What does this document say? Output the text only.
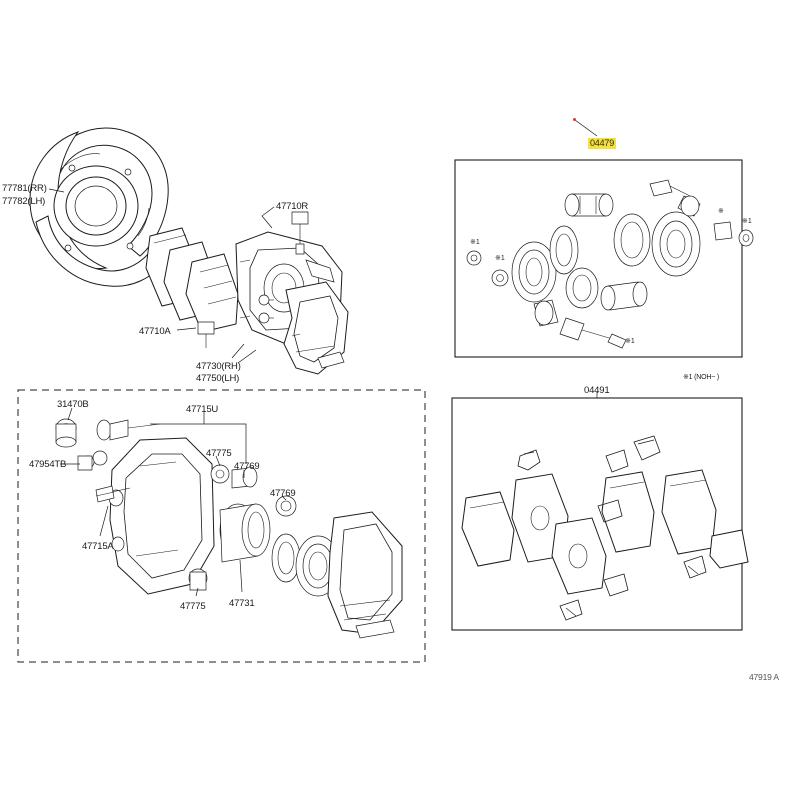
77781(RR)
77782(LH)	47710R
47710A
47730(RH)
47750(LH)
31470B	47715U
47775
47769
47769
47954TB
47715A
47775 47731
04491
※1 (NOH~ )
04479
※1
※1
※
※1
※1
47919 A
